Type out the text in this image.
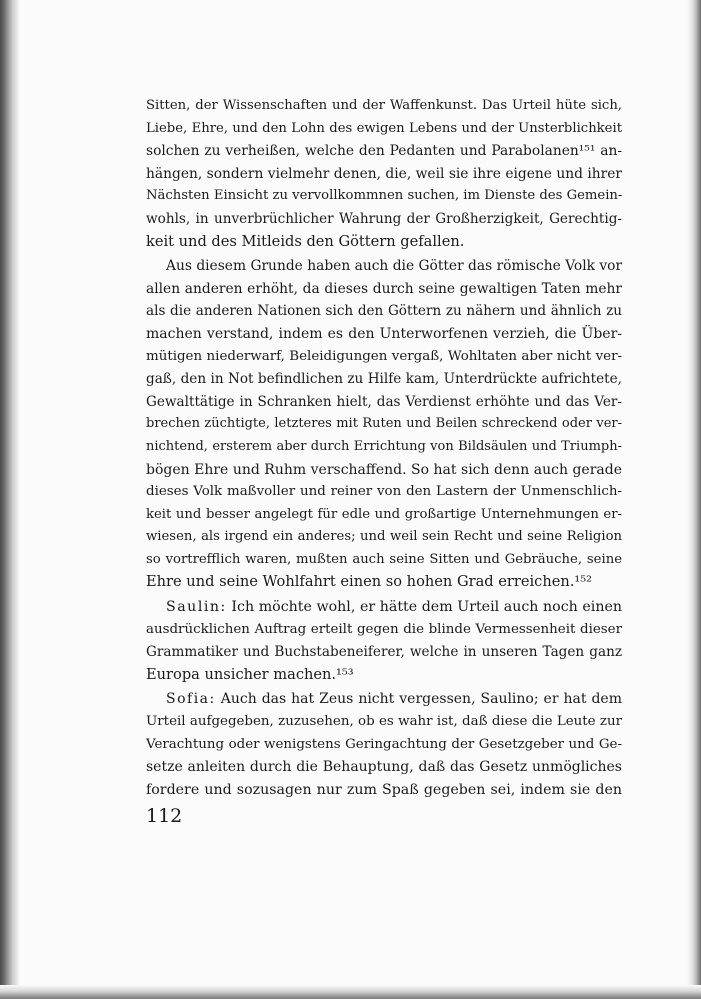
Sitten, der Wissenschaften und der Waffenkunst. Das Urteil hüte sich,
Liebe, Ehre, und den Lohn des ewigen Lebens und der Unsterblichkeit
solchen zu verheißen, welche den Pedanten und Parabolanen¹⁵¹ an-
hängen, sondern vielmehr denen, die, weil sie ihre eigene und ihrer
Nächsten Einsicht zu vervollkommnen suchen, im Dienste des Gemein-
wohls, in unverbrüchlicher Wahrung der Großherzigkeit, Gerechtig-
keit und des Mitleids den Göttern gefallen.
Aus diesem Grunde haben auch die Götter das römische Volk vor
allen anderen erhöht, da dieses durch seine gewaltigen Taten mehr
als die anderen Nationen sich den Göttern zu nähern und ähnlich zu
machen verstand, indem es den Unterworfenen verzieh, die Über-
mütigen niederwarf, Beleidigungen vergaß, Wohltaten aber nicht ver-
gaß, den in Not befindlichen zu Hilfe kam, Unterdrückte aufrichtete,
Gewalttätige in Schranken hielt, das Verdienst erhöhte und das Ver-
brechen züchtigte, letzteres mit Ruten und Beilen schreckend oder ver-
nichtend, ersterem aber durch Errichtung von Bildsäulen und Triumph-
bögen Ehre und Ruhm verschaffend. So hat sich denn auch gerade
dieses Volk maßvoller und reiner von den Lastern der Unmenschlich-
keit und besser angelegt für edle und großartige Unternehmungen er-
wiesen, als irgend ein anderes; und weil sein Recht und seine Religion
so vortrefflich waren, mußten auch seine Sitten und Gebräuche, seine
Ehre und seine Wohlfahrt einen so hohen Grad erreichen.¹⁵²
Saulin: Ich möchte wohl, er hätte dem Urteil auch noch einen
ausdrücklichen Auftrag erteilt gegen die blinde Vermessenheit dieser
Grammatiker und Buchstabeneiferer, welche in unseren Tagen ganz
Europa unsicher machen.¹⁵³
Sofia: Auch das hat Zeus nicht vergessen, Saulino; er hat dem
Urteil aufgegeben, zuzusehen, ob es wahr ist, daß diese die Leute zur
Verachtung oder wenigstens Geringachtung der Gesetzgeber und Ge-
setze anleiten durch die Behauptung, daß das Gesetz unmögliches
fordere und sozusagen nur zum Spaß gegeben sei, indem sie den
112
